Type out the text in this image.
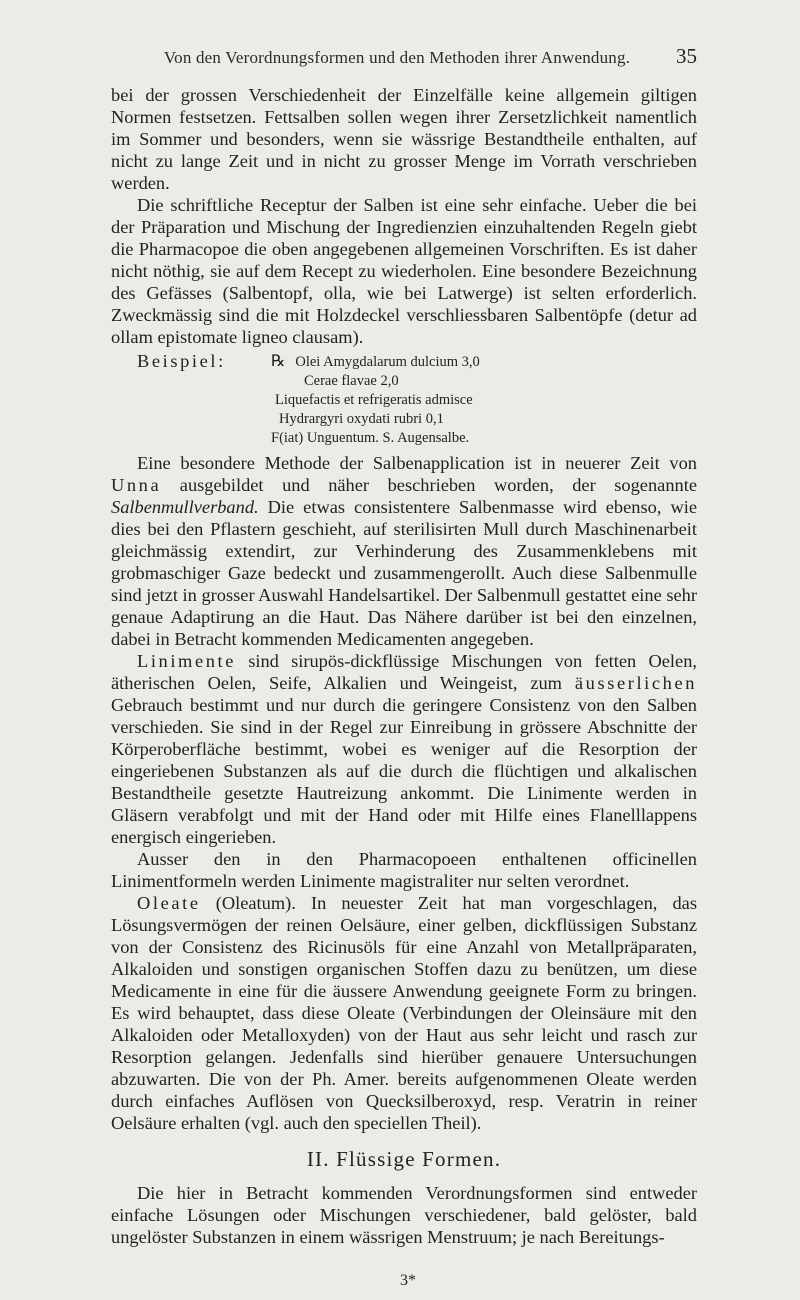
Von den Verordnungsformen und den Methoden ihrer Anwendung.	35

bei der grossen Verschiedenheit der Einzelfälle keine allgemein giltigen Normen festsetzen. Fettsalben sollen wegen ihrer Zersetzlichkeit namentlich im Sommer und besonders, wenn sie wässrige Bestandtheile enthalten, auf nicht zu lange Zeit und in nicht zu grosser Menge im Vorrath verschrieben werden.

Die schriftliche Receptur der Salben ist eine sehr einfache. Ueber die bei der Präparation und Mischung der Ingredienzien einzuhaltenden Regeln giebt die Pharmacopoe die oben angegebenen allgemeinen Vorschriften. Es ist daher nicht nöthig, sie auf dem Recept zu wiederholen. Eine besondere Bezeichnung des Gefässes (Salbentopf, olla, wie bei Latwerge) ist selten erforderlich. Zweckmässig sind die mit Holzdeckel verschliessbaren Salbentöpfe (detur ad ollam epistomate ligneo clausam).

Beispiel:	℞ Olei Amygdalarum dulcium 3,0
Cerae flavae 2,0
Liquefactis et refrigeratis admisce
Hydrargyri oxydati rubri 0,1
F(iat) Unguentum. S. Augensalbe.

Eine besondere Methode der Salbenapplication ist in neuerer Zeit von Unna ausgebildet und näher beschrieben worden, der sogenannte Salbenmullverband. Die etwas consistentere Salbenmasse wird ebenso, wie dies bei den Pflastern geschieht, auf sterilisirten Mull durch Maschinenarbeit gleichmässig extendirt, zur Verhinderung des Zusammenklebens mit grobmaschiger Gaze bedeckt und zusammengerollt. Auch diese Salbenmulle sind jetzt in grosser Auswahl Handelsartikel. Der Salbenmull gestattet eine sehr genaue Adaptirung an die Haut. Das Nähere darüber ist bei den einzelnen, dabei in Betracht kommenden Medicamenten angegeben.

Linimente sind sirupös-dickflüssige Mischungen von fetten Oelen, ätherischen Oelen, Seife, Alkalien und Weingeist, zum äusserlichen Gebrauch bestimmt und nur durch die geringere Consistenz von den Salben verschieden. Sie sind in der Regel zur Einreibung in grössere Abschnitte der Körperoberfläche bestimmt, wobei es weniger auf die Resorption der eingeriebenen Substanzen als auf die durch die flüchtigen und alkalischen Bestandtheile gesetzte Hautreizung ankommt. Die Linimente werden in Gläsern verabfolgt und mit der Hand oder mit Hilfe eines Flanelllappens energisch eingerieben.

Ausser den in den Pharmacopoeen enthaltenen officinellen Linimentformeln werden Linimente magistraliter nur selten verordnet.

Oleate (Oleatum). In neuester Zeit hat man vorgeschlagen, das Lösungsvermögen der reinen Oelsäure, einer gelben, dickflüssigen Substanz von der Consistenz des Ricinusöls für eine Anzahl von Metallpräparaten, Alkaloiden und sonstigen organischen Stoffen dazu zu benützen, um diese Medicamente in eine für die äussere Anwendung geeignete Form zu bringen. Es wird behauptet, dass diese Oleate (Verbindungen der Oleinsäure mit den Alkaloiden oder Metalloxyden) von der Haut aus sehr leicht und rasch zur Resorption gelangen. Jedenfalls sind hierüber genauere Untersuchungen abzuwarten. Die von der Ph. Amer. bereits aufgenommenen Oleate werden durch einfaches Auflösen von Quecksilberoxyd, resp. Veratrin in reiner Oelsäure erhalten (vgl. auch den speciellen Theil).

II. Flüssige Formen.

Die hier in Betracht kommenden Verordnungsformen sind entweder einfache Lösungen oder Mischungen verschiedener, bald gelöster, bald ungelöster Substanzen in einem wässrigen Menstruum; je nach Bereitungs-

3*
